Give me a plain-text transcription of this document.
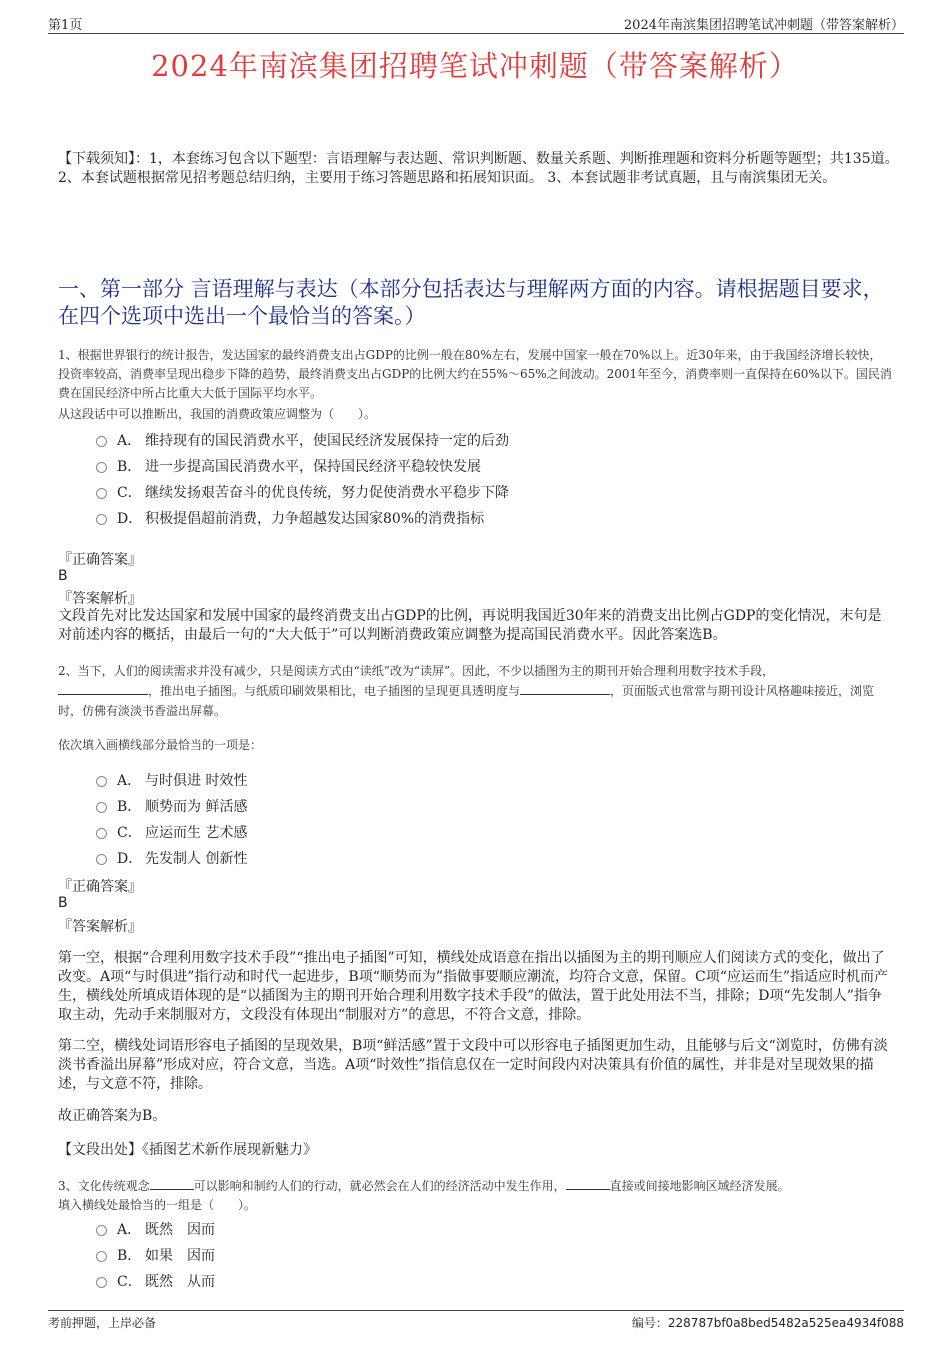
第1页	2024年南滨集团招聘笔试冲刺题（带答案解析）
2024年南滨集团招聘笔试冲刺题（带答案解析）
【下载须知】：1，本套练习包含以下题型：言语理解与表达题、常识判断题、数量关系题、判断推理题和资料分析题等题型；共135道。 2、本套试题根据常见招考题总结归纳，主要用于练习答题思路和拓展知识面。 3、本套试题非考试真题，且与南滨集团无关。
一、第一部分 言语理解与表达（本部分包括表达与理解两方面的内容。请根据题目要求，在四个选项中选出一个最恰当的答案。）
1、根据世界银行的统计报告，发达国家的最终消费支出占GDP的比例一般在80%左右，发展中国家一般在70%以上。近30年来，由于我国经济增长较快，投资率较高，消费率呈现出稳步下降的趋势，最终消费支出占GDP的比例大约在55%～65%之间波动。2001年至今，消费率则一直保持在60%以下。国民消费在国民经济中所占比重大大低于国际平均水平。
从这段话中可以推断出，我国的消费政策应调整为（　　）。
A． 维持现有的国民消费水平，使国民经济发展保持一定的后劲
B． 进一步提高国民消费水平，保持国民经济平稳较快发展
C． 继续发扬艰苦奋斗的优良传统，努力促使消费水平稳步下降
D． 积极提倡超前消费，力争超越发达国家80%的消费指标
『正确答案』
B
『答案解析』
文段首先对比发达国家和发展中国家的最终消费支出占GDP的比例，再说明我国近30年来的消费支出比例占GDP的变化情况，末句是对前述内容的概括，由最后一句的“大大低于”可以判断消费政策应调整为提高国民消费水平。因此答案选B。
2、当下，人们的阅读需求并没有减少，只是阅读方式由“读纸”改为“读屏”。因此，不少以插图为主的期刊开始合理利用数字技术手段，
，推出电子插图。与纸质印刷效果相比，电子插图的呈现更具透明度与	，页面版式也常常与期刊设计风格趣味接近，浏览时，仿佛有淡淡书香溢出屏幕。
依次填入画横线部分最恰当的一项是：
A． 与时俱进 时效性
B． 顺势而为 鲜活感
C． 应运而生 艺术感
D． 先发制人 创新性
『正确答案』
B
『答案解析』
第一空，根据“合理利用数字技术手段”“推出电子插图”可知，横线处成语意在指出以插图为主的期刊顺应人们阅读方式的变化，做出了改变。A项“与时俱进”指行动和时代一起进步，B项“顺势而为”指做事要顺应潮流，均符合文意，保留。C项“应运而生”指适应时机而产生，横线处所填成语体现的是“以插图为主的期刊开始合理利用数字技术手段”的做法，置于此处用法不当，排除；D项“先发制人”指争取主动，先动手来制服对方，文段没有体现出“制服对方”的意思，不符合文意，排除。
第二空，横线处词语形容电子插图的呈现效果，B项“鲜活感”置于文段中可以形容电子插图更加生动，且能够与后文“浏览时，仿佛有淡淡书香溢出屏幕”形成对应，符合文意，当选。A项“时效性”指信息仅在一定时间段内对决策具有价值的属性，并非是对呈现效果的描述，与文意不符，排除。
故正确答案为B。
【文段出处】《插图艺术新作展现新魅力》
3、文化传统观念	可以影响和制约人们的行动，就必然会在人们的经济活动中发生作用，	直接或间接地影响区域经济发展。
填入横线处最恰当的一组是（　　）。
A． 既然　因而
B． 如果　因而
C． 既然　从而
考前押题，上岸必备	编号：228787bf0a8bed5482a525ea4934f088
